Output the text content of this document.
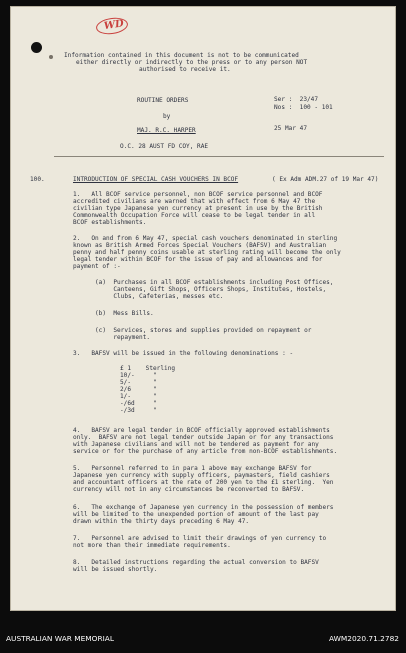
WD
Information contained in this document is not to be communicated
either directly or indirectly to the press or to any person NOT
authorised to receive it.
ROUTINE ORDERS
by
MAJ. R.C. HARPER
O.C. 28 AUST FD COY, RAE
Ser :  23/47
Nos :  100 - 101
25 Mar 47
100.	INTRODUCTION OF SPECIAL CASH VOUCHERS IN BCOF	( Ex Adm ADM.27 of 19 Mar 47)
1.   All BCOF service personnel, non BCOF service personnel and BCOF
accredited civilians are warned that with effect from 6 May 47 the
civilian type Japanese yen currency at present in use by the British
Commonwealth Occupation Force will cease to be legal tender in all
BCOF establishments.
2.   On and from 6 May 47, special cash vouchers denominated in sterling
known as British Armed Forces Special Vouchers (BAFSV) and Australian
penny and half penny coins usable at sterling rating will become the only
legal tender within BCOF for the issue of pay and allowances and for
payment of :-
(a)  Purchases in all BCOF establishments including Post Offices,
Canteens, Gift Shops, Officers Shops, Institutes, Hostels,
Clubs, Cafeterias, messes etc.
(b)  Mess Bills.
(c)  Services, stores and supplies provided on repayment or
repayment.
3.   BAFSV will be issued in the following denominations : -
£ 1    Sterling
10/-     "
5/-      "
2/6      "
1/-      "
-/6d     "
-/3d     "
4.   BAFSV are legal tender in BCOF officially approved establishments
only.  BAFSV are not legal tender outside Japan or for any transactions
with Japanese civilians and will not be tendered as payment for any
service or for the purchase of any article from non-BCOF establishments.
5.   Personnel referred to in para 1 above may exchange BAFSV for
Japanese yen currency with supply officers, paymasters, field cashiers
and accountant officers at the rate of 200 yen to the £1 sterling.  Yen
currency will not in any circumstances be reconverted to BAFSV.
6.   The exchange of Japanese yen currency in the possession of members
will be limited to the unexpended portion of amount of the last pay
drawn within the thirty days preceding 6 May 47.
7.   Personnel are advised to limit their drawings of yen currency to
not more than their immediate requirements.
8.   Detailed instructions regarding the actual conversion to BAFSV
will be issued shortly.
AUSTRALIAN WAR MEMORIAL	AWM2020.71.2782
